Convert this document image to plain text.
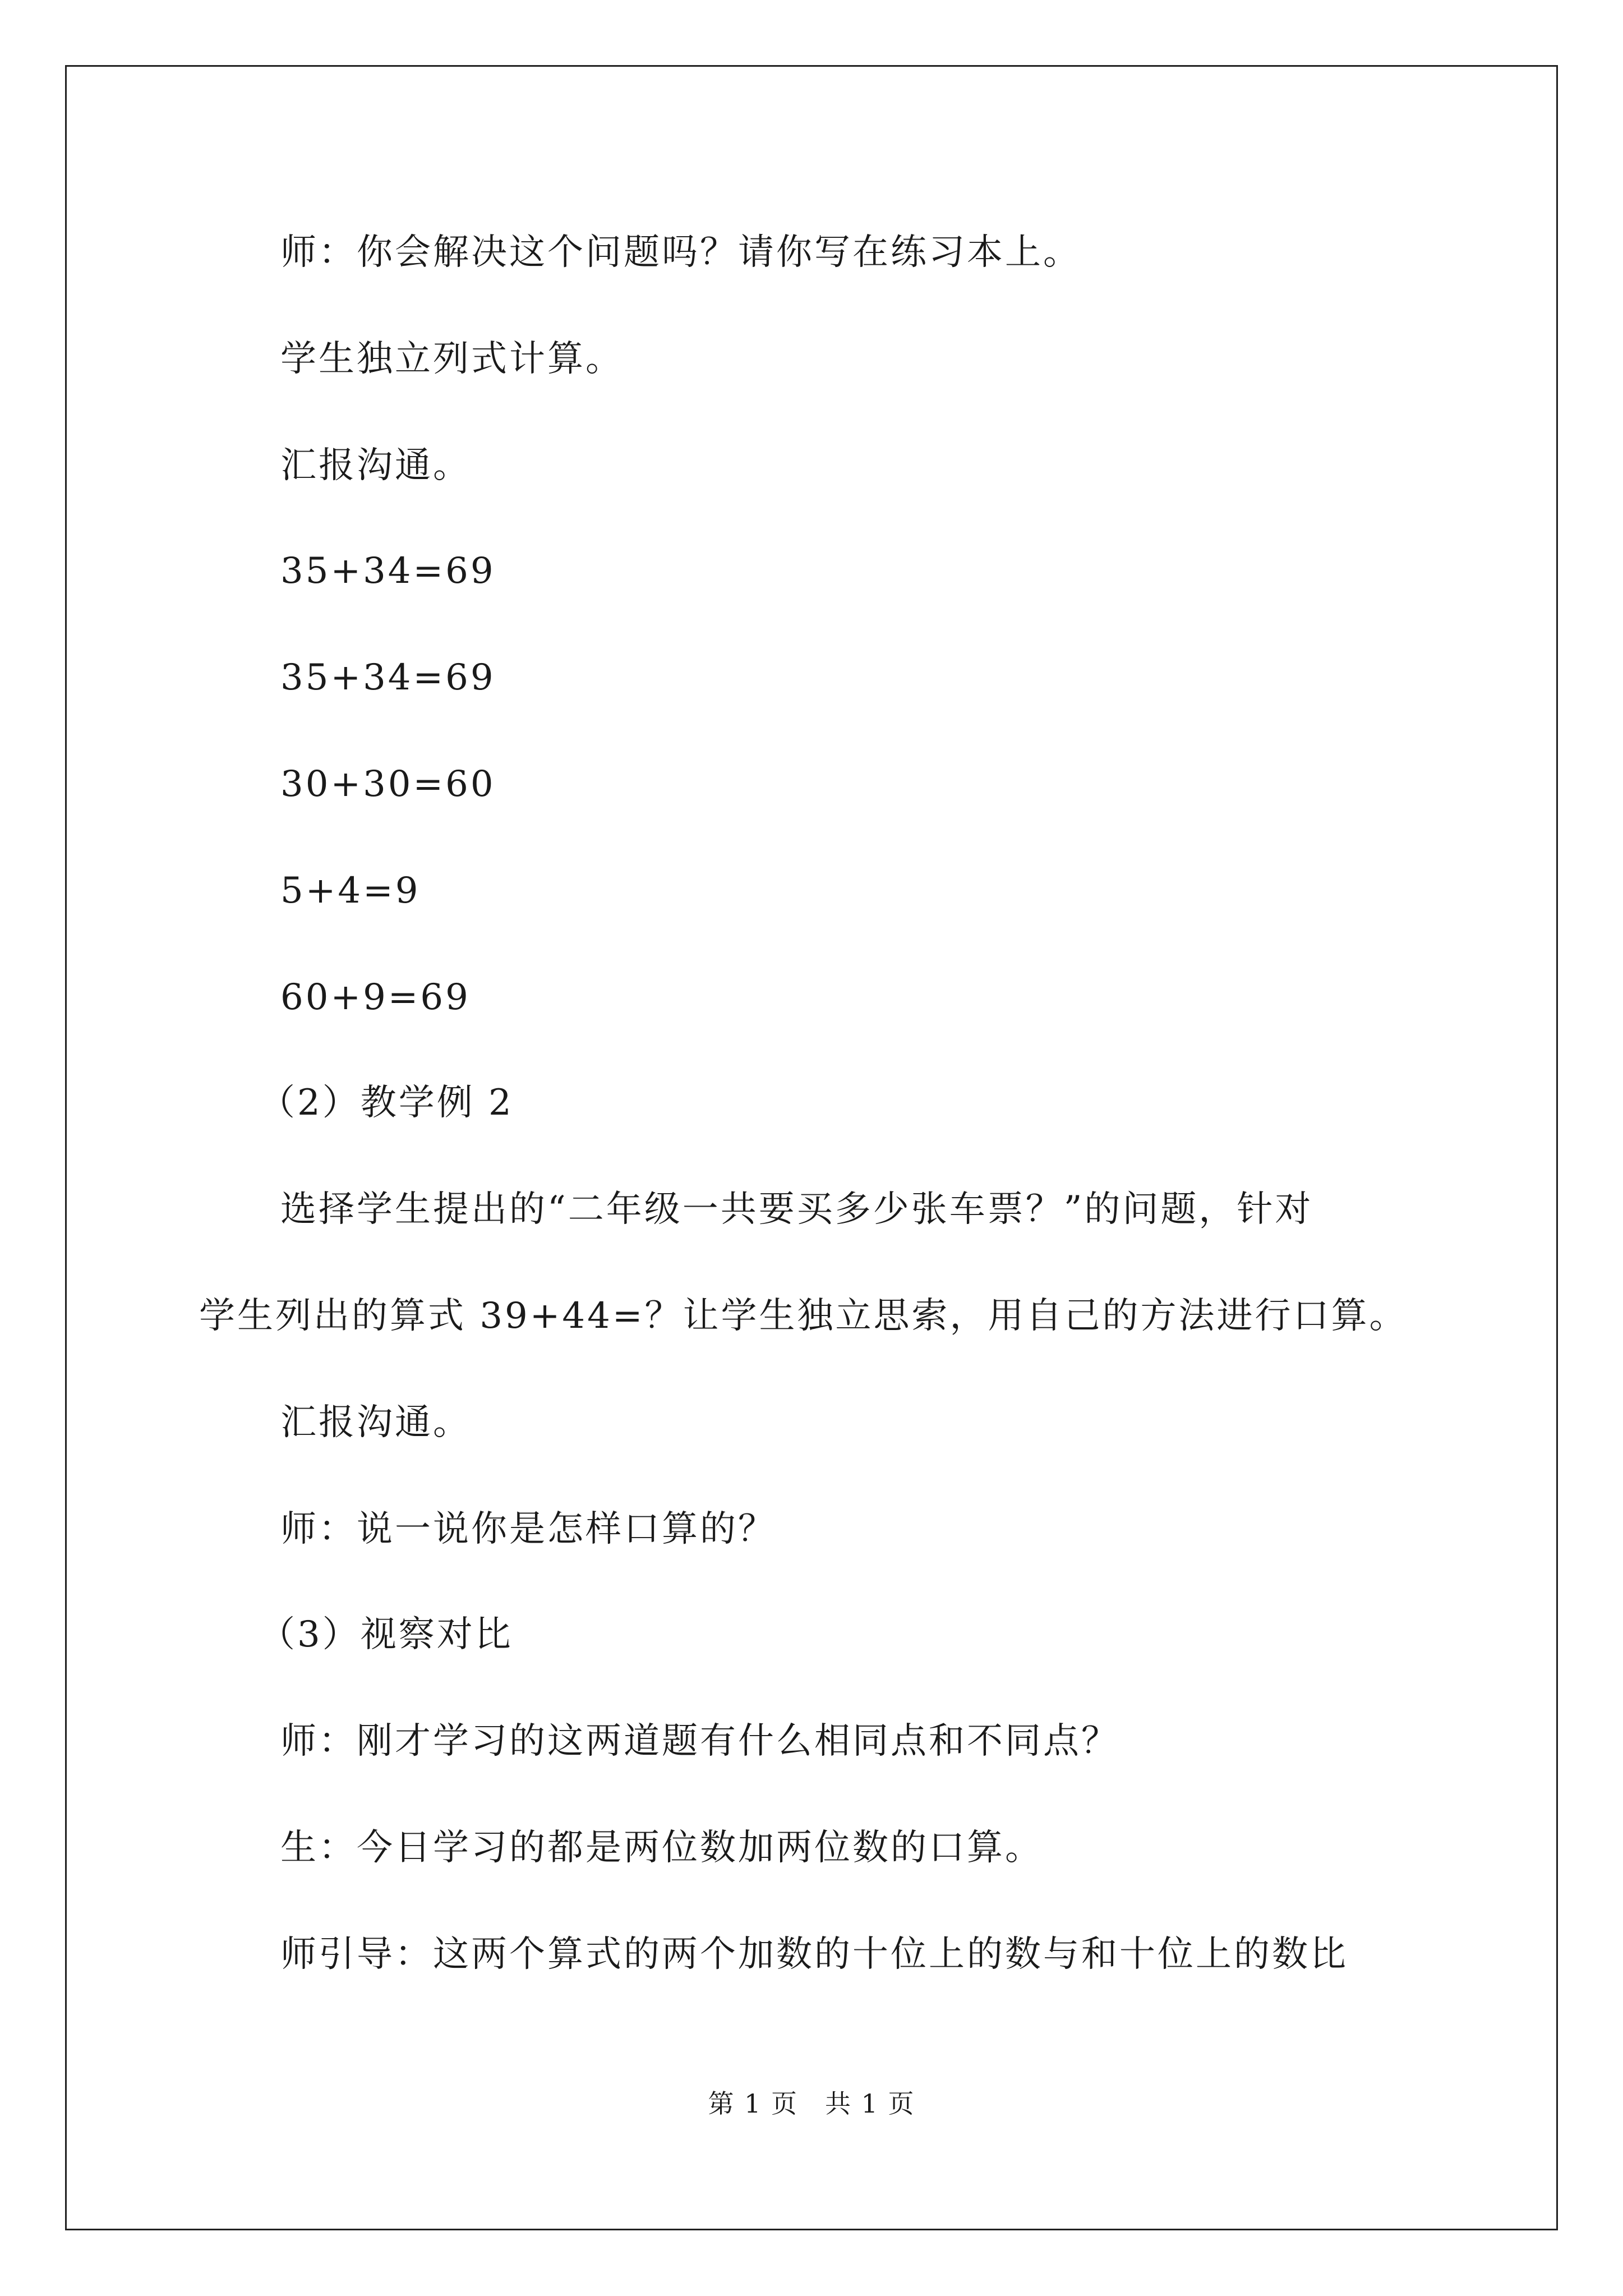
师：你会解决这个问题吗？请你写在练习本上。
学生独立列式计算。
汇报沟通。
35+34=69
35+34=69
30+30=60
5+4=9
60+9=69
（2）教学例 2
选择学生提出的“二年级一共要买多少张车票？”的问题，针对
学生列出的算式 39+44=？让学生独立思索，用自己的方法进行口算。
汇报沟通。
师：说一说你是怎样口算的？
（3）视察对比
师：刚才学习的这两道题有什么相同点和不同点？
生：今日学习的都是两位数加两位数的口算。
师引导：这两个算式的两个加数的十位上的数与和十位上的数比
第 1 页　共 1 页
